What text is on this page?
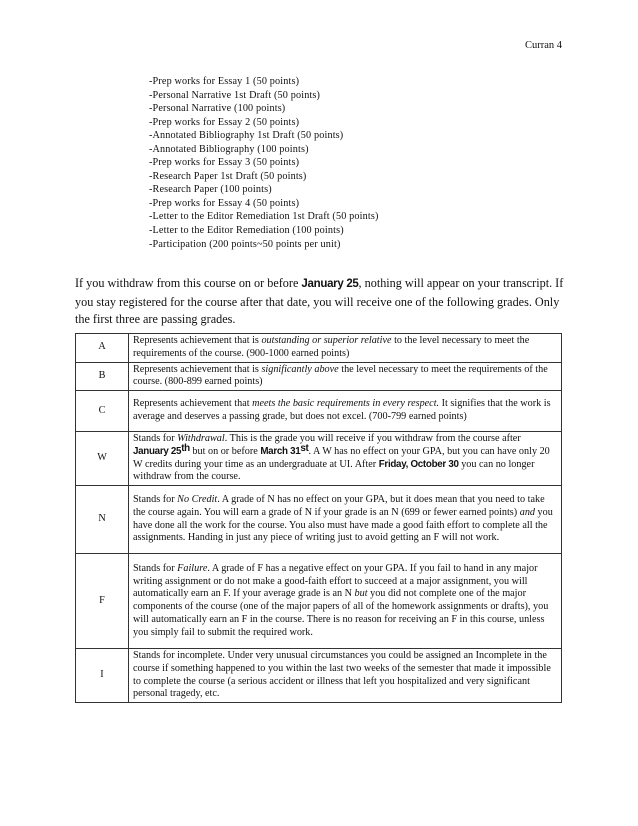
Curran 4
-Prep works for Essay 1 (50 points)
-Personal Narrative 1st Draft (50 points)
-Personal Narrative (100 points)
-Prep works for Essay 2 (50 points)
-Annotated Bibliography 1st Draft (50 points)
-Annotated Bibliography (100 points)
-Prep works for Essay 3 (50 points)
-Research Paper 1st Draft (50 points)
-Research Paper (100 points)
-Prep works for Essay 4 (50 points)
-Letter to the Editor Remediation 1st Draft (50 points)
-Letter to the Editor Remediation (100 points)
-Participation (200 points~50 points per unit)
If you withdraw from this course on or before January 25, nothing will appear on your transcript. If you stay registered for the course after that date, you will receive one of the following grades. Only the first three are passing grades.
A	Represents achievement that is outstanding or superior relative to the level necessary to meet the requirements of the course. (900-1000 earned points)
B	Represents achievement that is significantly above the level necessary to meet the requirements of the course. (800-899 earned points)
C	Represents achievement that meets the basic requirements in every respect. It signifies that the work is average and deserves a passing grade, but does not excel. (700-799 earned points)
W	Stands for Withdrawal. This is the grade you will receive if you withdraw from the course after January 25th but on or before March 31st. A W has no effect on your GPA, but you can have only 20 W credits during your time as an undergraduate at UI. After Friday, October 30 you can no longer withdraw from the course.
N	Stands for No Credit. A grade of N has no effect on your GPA, but it does mean that you need to take the course again. You will earn a grade of N if your grade is an N (699 or fewer earned points) and you have done all the work for the course. You also must have made a good faith effort to complete all the assignments. Handing in just any piece of writing just to avoid getting an F will not work.
F	Stands for Failure. A grade of F has a negative effect on your GPA. If you fail to hand in any major writing assignment or do not make a good-faith effort to succeed at a major assignment, you will automatically earn an F. If your average grade is an N but you did not complete one of the major components of the course (one of the major papers of all of the homework assignments or drafts), you will automatically earn an F in the course. There is no reason for receiving an F in this course, unless you simply fail to submit the required work.
I	Stands for incomplete. Under very unusual circumstances you could be assigned an Incomplete in the course if something happened to you within the last two weeks of the semester that made it impossible to complete the course (a serious accident or illness that left you hospitalized and very significant personal tragedy, etc.
